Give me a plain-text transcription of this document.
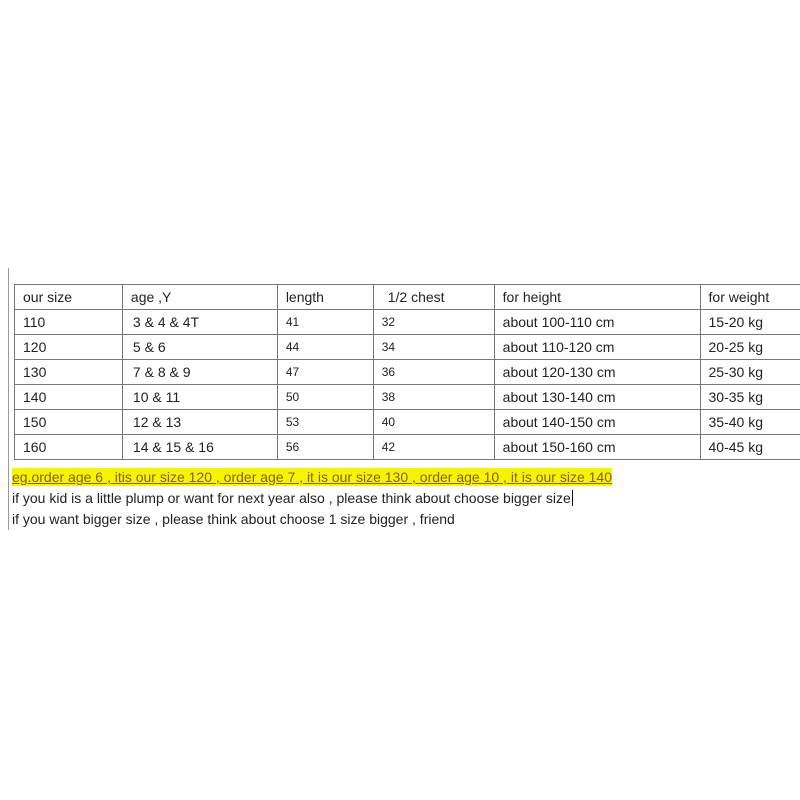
our size	age ,Y	length	1/2 chest	for height	for weight
110	3 & 4 & 4T	41	32	about 100-110 cm	15-20 kg
120	5 & 6	44	34	about 110-120 cm	20-25 kg
130	7 & 8 & 9	47	36	about 120-130 cm	25-30 kg
140	10 & 11	50	38	about 130-140 cm	30-35 kg
150	12 & 13	53	40	about 140-150 cm	35-40 kg
160	14 & 15 & 16	56	42	about 150-160 cm	40-45 kg
eg.order age 6 , itis our size 120 , order age 7 , it is our size 130 , order age 10 , it is our size 140
if you kid is a little plump or want for next year also , please think about choose bigger size
if you want bigger size , please think about choose 1 size bigger , friend
